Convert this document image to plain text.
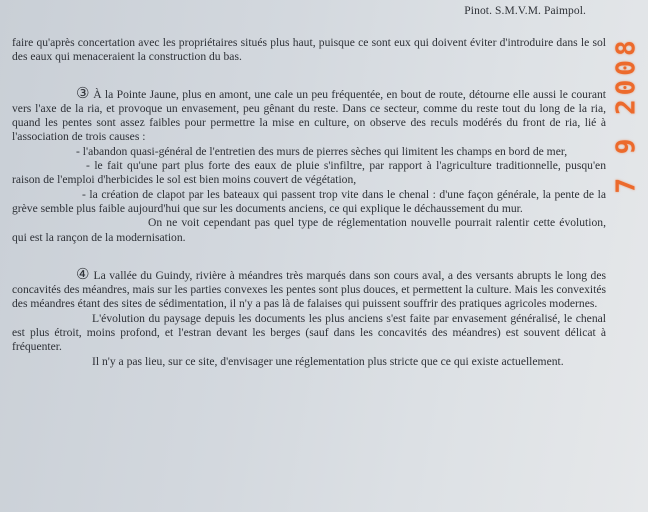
Pinot. S.M.V.M. Paimpol.
7 9 2008

faire qu'après concertation avec les propriétaires situés plus haut, puisque ce sont eux qui doivent éviter d'introduire dans le sol des eaux qui menaceraient la construction du bas.

③ À la Pointe Jaune, plus en amont, une cale un peu fréquentée, en bout de route, détourne elle aussi le courant vers l'axe de la ria, et provoque un envasement, peu gênant du reste. Dans ce secteur, comme du reste tout du long de la ria, quand les pentes sont assez faibles pour permettre la mise en culture, on observe des reculs modérés du front de ria, lié à l'association de trois causes :

- l'abandon quasi-général de l'entretien des murs de pierres sèches qui limitent les champs en bord de mer,

- le fait qu'une part plus forte des eaux de pluie s'infiltre, par rapport à l'agriculture traditionnelle, pusqu'en raison de l'emploi d'herbicides le sol est bien moins couvert de végétation,

- la création de clapot par les bateaux qui passent trop vite dans le chenal : d'une façon générale, la pente de la grève semble plus faible aujourd'hui que sur les documents anciens, ce qui explique le déchaussement du mur.

On ne voit cependant pas quel type de réglementation nouvelle pourrait ralentir cette évolution, qui est la rançon de la modernisation.

④ La vallée du Guindy, rivière à méandres très marqués dans son cours aval, a des versants abrupts le long des concavités des méandres, mais sur les parties convexes les pentes sont plus douces, et permettent la culture. Mais les convexités des méandres étant des sites de sédimentation, il n'y a pas là de falaises qui puissent souffrir des pratiques agricoles modernes.

L'évolution du paysage depuis les documents les plus anciens s'est faite par envasement généralisé, le chenal est plus étroit, moins profond, et l'estran devant les berges (sauf dans les concavités des méandres) est souvent délicat à fréquenter.

Il n'y a pas lieu, sur ce site, d'envisager une réglementation plus stricte que ce qui existe actuellement.
